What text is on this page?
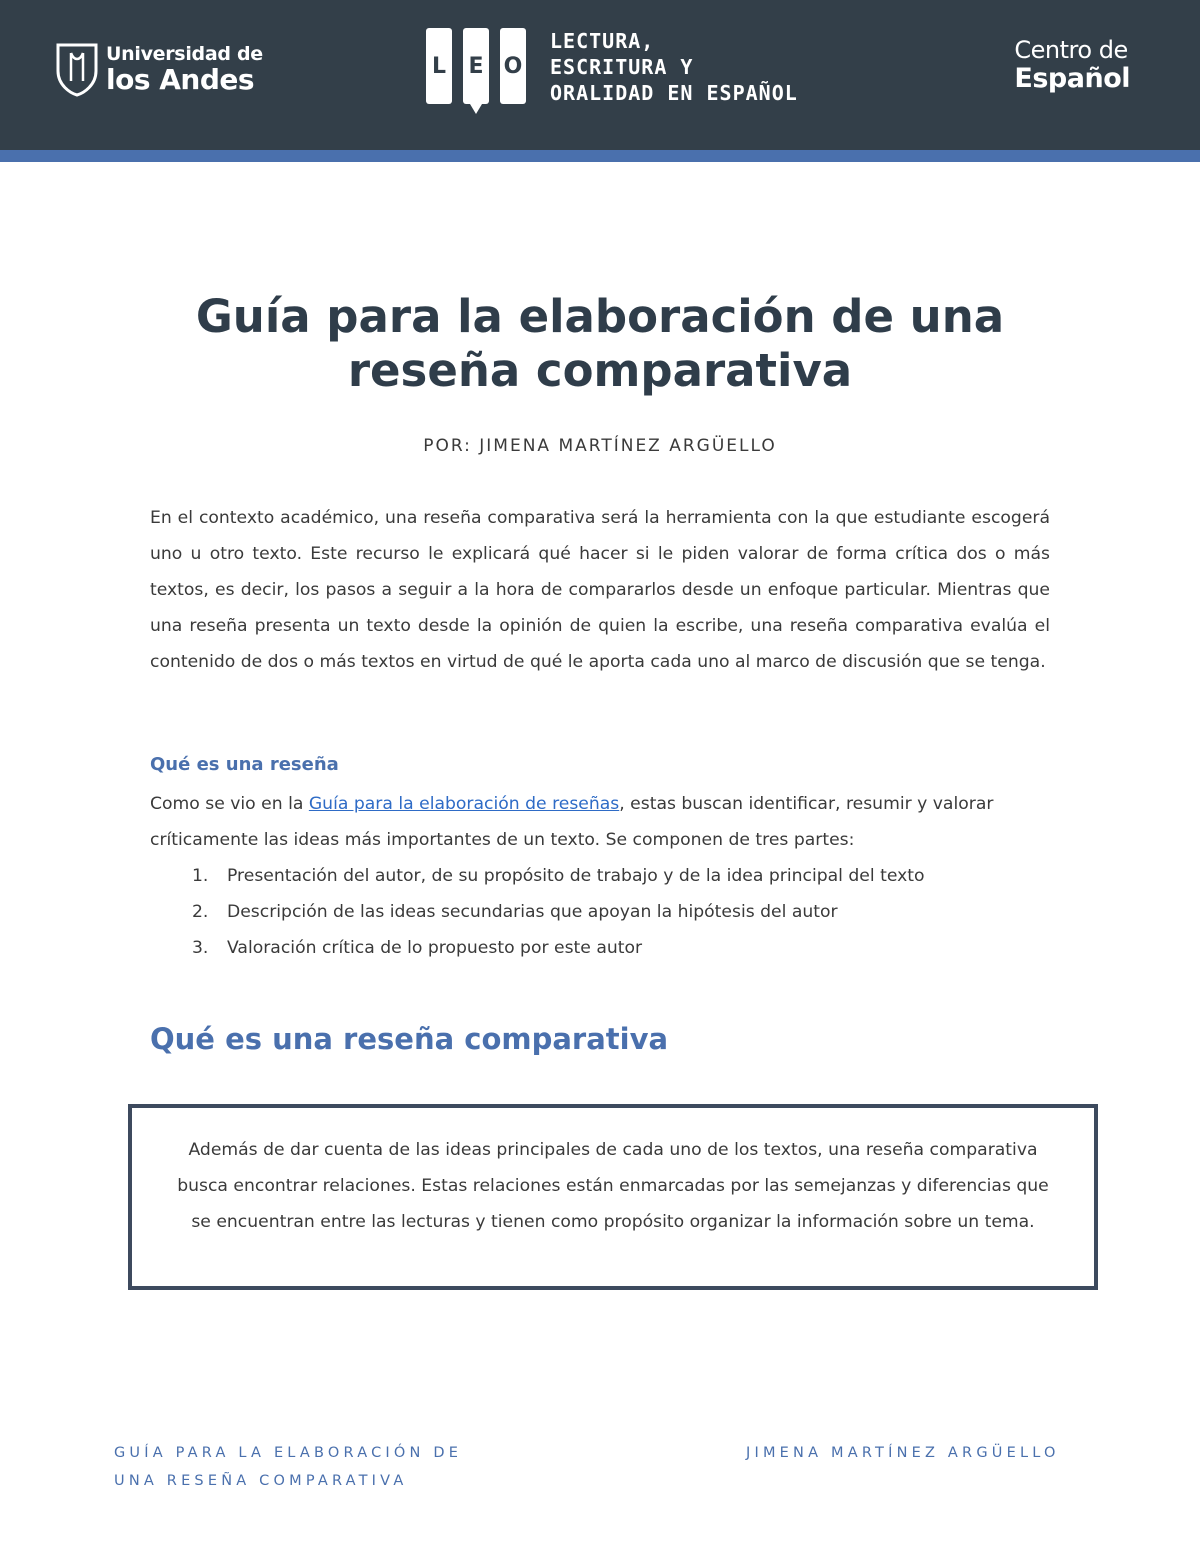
Universidad de
los Andes	L E O
LECTURA,
ESCRITURA Y
ORALIDAD EN ESPAÑOL
Centro de
Español
Guía para la elaboración de una
reseña comparativa
POR: JIMENA MARTÍNEZ ARGÜELLO

En el contexto académico, una reseña comparativa será la herramienta con la que estudiante escogerá uno u otro texto. Este recurso le explicará qué hacer si le piden valorar de forma crítica dos o más textos, es decir, los pasos a seguir a la hora de compararlos desde un enfoque particular. Mientras que una reseña presenta un texto desde la opinión de quien la escribe, una reseña comparativa evalúa el contenido de dos o más textos en virtud de qué le aporta cada uno al marco de discusión que se tenga.

Qué es una reseña

Como se vio en la Guía para la elaboración de reseñas, estas buscan identificar, resumir y valorar críticamente las ideas más importantes de un texto. Se componen de tres partes:

1.	Presentación del autor, de su propósito de trabajo y de la idea principal del texto
2.	Descripción de las ideas secundarias que apoyan la hipótesis del autor
3.	Valoración crítica de lo propuesto por este autor
Qué es una reseña comparativa

Además de dar cuenta de las ideas principales de cada uno de los textos, una reseña comparativa busca encontrar relaciones. Estas relaciones están enmarcadas por las semejanzas y diferencias que se encuentran entre las lecturas y tienen como propósito organizar la información sobre un tema.

GUÍA PARA LA ELABORACIÓN DE
UNA RESEÑA COMPARATIVA
JIMENA MARTÍNEZ ARGÜELLO
